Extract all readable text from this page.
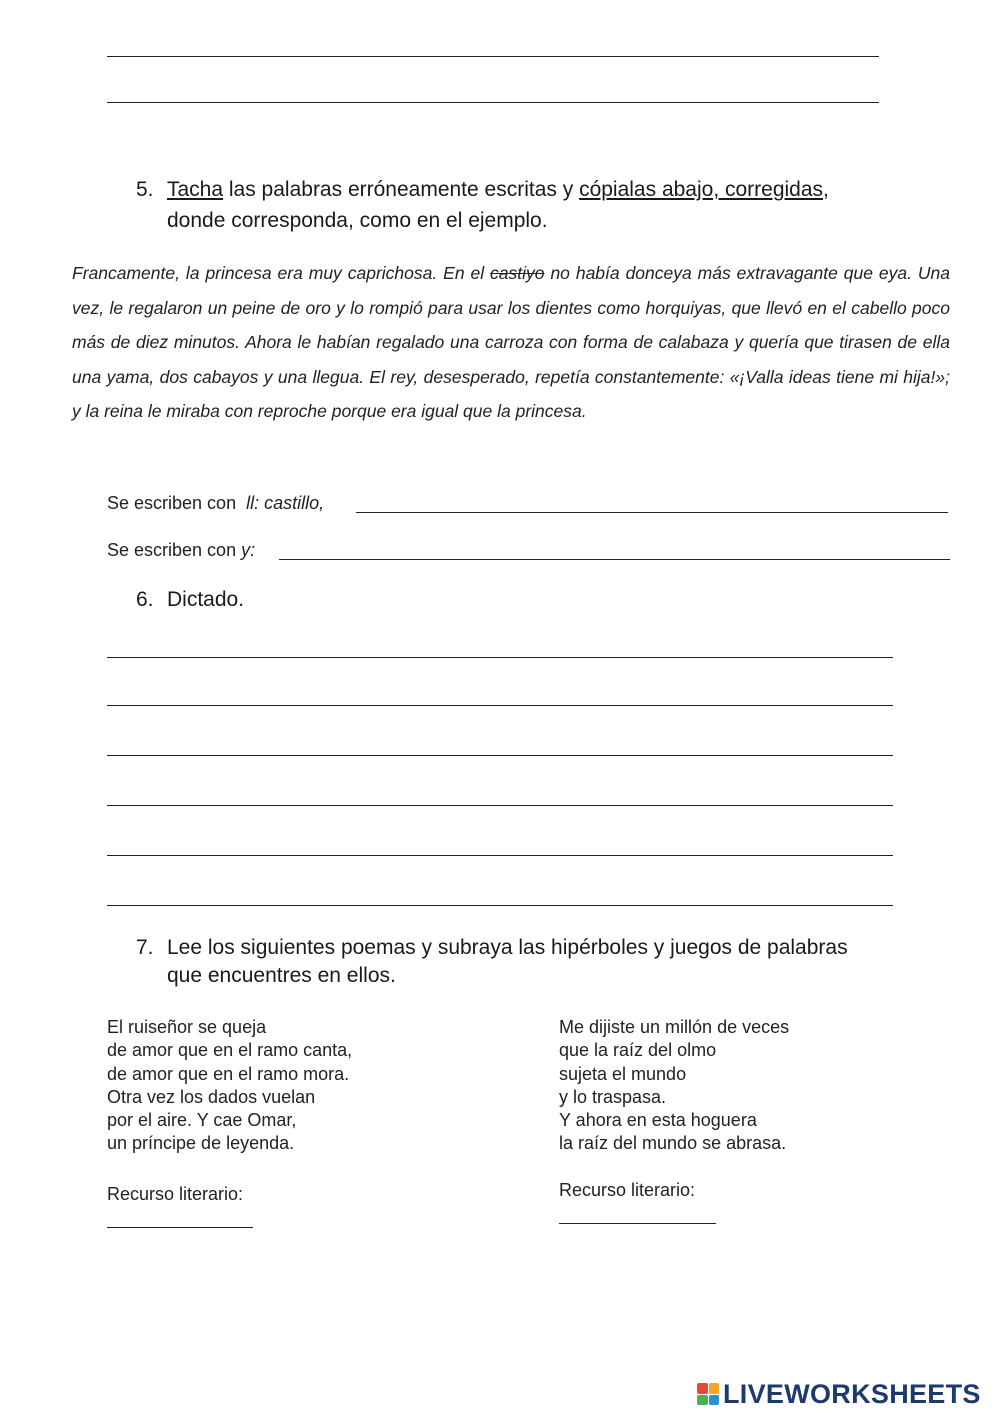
5. Tacha las palabras erróneamente escritas y cópialas abajo, corregidas,
donde corresponda, como en el ejemplo.
Francamente, la princesa era muy caprichosa. En el castiyo no había donceya más extravagante que eya. Una vez, le regalaron un peine de oro y lo rompió para usar los dientes como horquiyas, que llevó en el cabello poco más de diez minutos. Ahora le habían regalado una carroza con forma de calabaza y quería que tirasen de ella una yama, dos cabayos y una llegua. El rey, desesperado, repetía constantemente: «¡Valla ideas tiene mi hija!»; y la reina le miraba con reproche porque era igual que la princesa.
Se escriben con ll: castillo,
Se escriben con y:
6. Dictado.
7. Lee los siguientes poemas y subraya las hipérboles y juegos de palabras
que encuentres en ellos.
El ruiseñor se queja
de amor que en el ramo canta,
de amor que en el ramo mora.
Otra vez los dados vuelan
por el aire. Y cae Omar,
un príncipe de leyenda.
Me dijiste un millón de veces
que la raíz del olmo
sujeta el mundo
y lo traspasa.
Y ahora en esta hoguera
la raíz del mundo se abrasa.
Recurso literario:	Recurso literario:
LIVEWORKSHEETS
